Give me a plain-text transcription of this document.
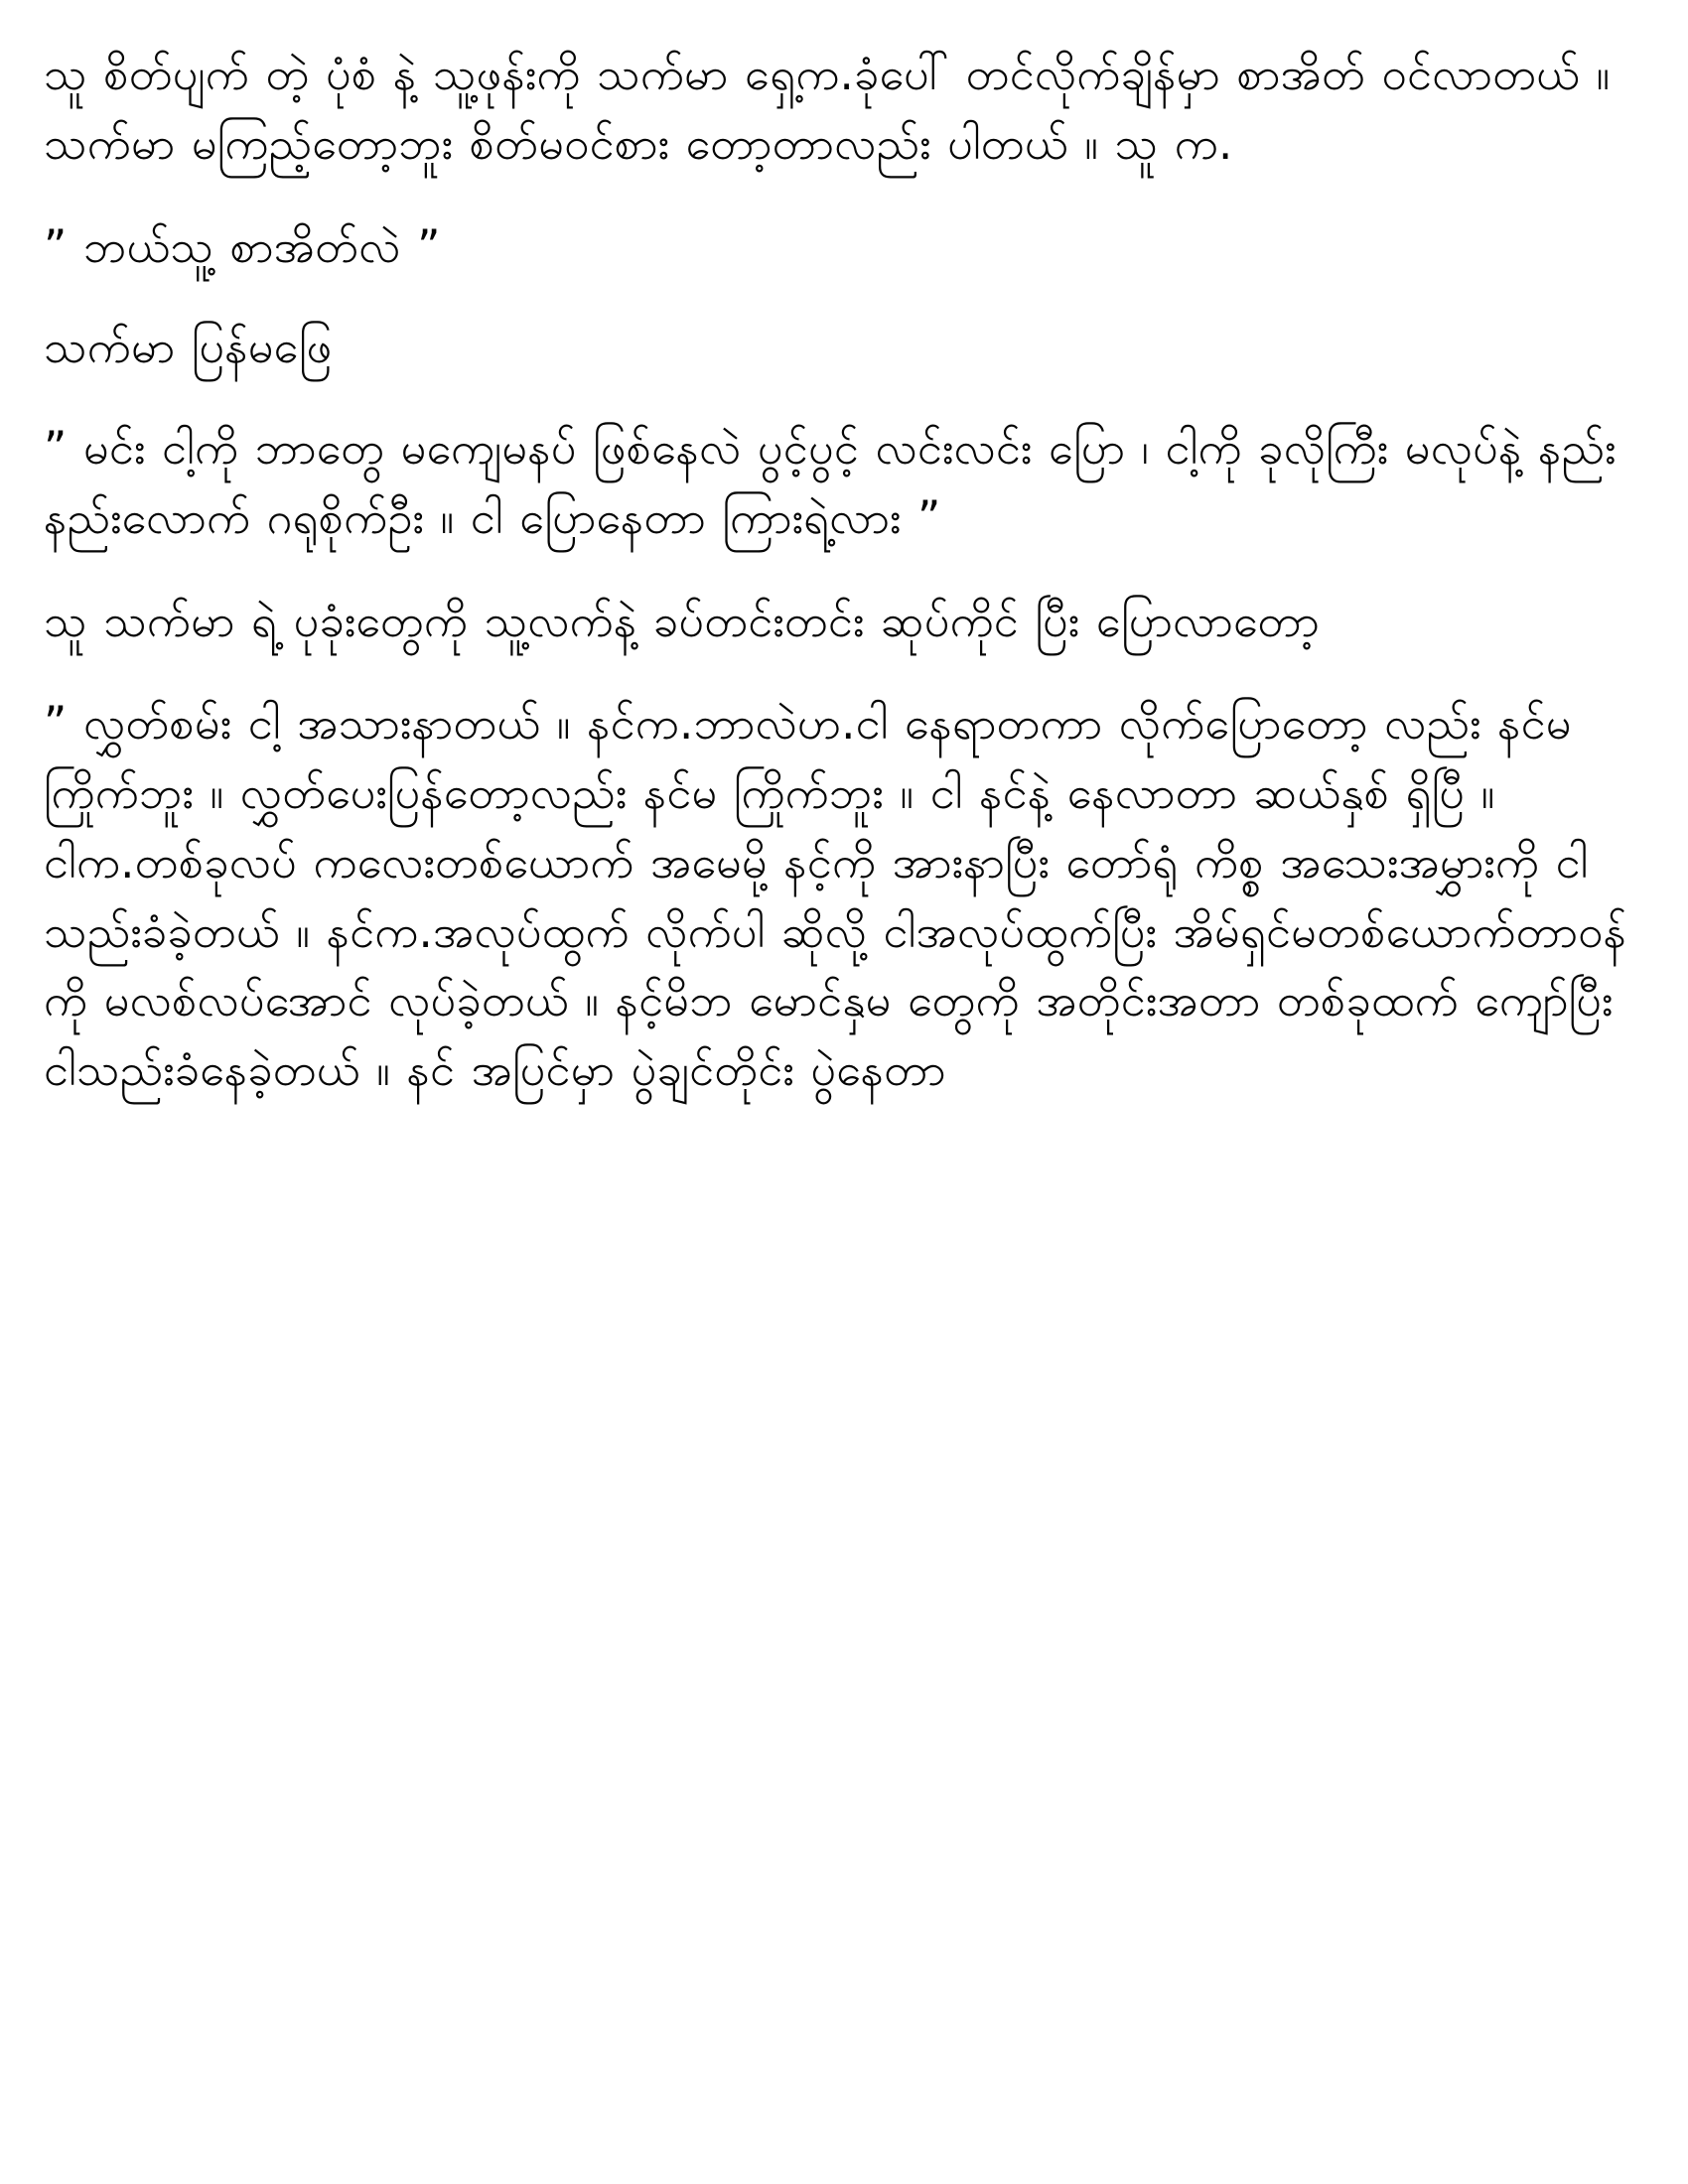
သူ စိတ်ပျက် တဲ့ ပုံစံ နဲ့ သူ့ဖုန်းကို သက်မာ ရှေ့က.ခုံပေါ် တင်လိုက်ချိန်မှာ စာအိတ် ဝင်လာတယ် ။ သက်မာ မကြည့်တော့ဘူး စိတ်မဝင်စား တော့တာလည်း ပါတယ် ။ သူ က.

” ဘယ်သူ့ စာအိတ်လဲ ”

သက်မာ ပြန်မဖြေ

” မင်း ငါ့ကို ဘာတွေ မကျေမနပ် ဖြစ်နေလဲ ပွင့်ပွင့် လင်းလင်း ပြော ၊ ငါ့ကို ခုလိုကြီး မလုပ်နဲ့ နည်းနည်းလောက် ဂရုစိုက်ဦး ။ ငါ ပြောနေတာ ကြားရဲ့လား ”

သူ သက်မာ ရဲ့ ပုခုံးတွေကို သူ့လက်နဲ့ ခပ်တင်းတင်း ဆုပ်ကိုင် ပြီး ပြောလာတော့

” လွှတ်စမ်း ငါ့ အသားနာတယ် ။ နင်က.ဘာလဲဟ.ငါ နေရာတကာ လိုက်ပြောတော့ လည်း နင်မကြိုက်ဘူး ။ လွှတ်ပေးပြန်တော့လည်း နင်မ ကြိုက်ဘူး ။ ငါ နင်နဲ့ နေလာတာ ဆယ်နှစ် ရှိပြီ ။ ငါက.တစ်ခုလပ် ကလေးတစ်ယောက် အမေမို့ နင့်ကို အားနာပြီး တော်ရုံ ကိစ္စ အသေးအမွှားကို ငါသည်းခံခဲ့တယ် ။ နင်က.အလုပ်ထွက် လိုက်ပါ ဆိုလို့ ငါအလုပ်ထွက်ပြီး အိမ်ရှင်မတစ်ယောက်တာဝန်ကို မလစ်လပ်အောင် လုပ်ခဲ့တယ် ။ နင့်မိဘ မောင်နှမ တွေကို အတိုင်းအတာ တစ်ခုထက် ကျော်ပြီး ငါသည်းခံနေခဲ့တယ် ။ နင် အပြင်မှာ ပွဲချင်တိုင်း ပွဲနေတာ
